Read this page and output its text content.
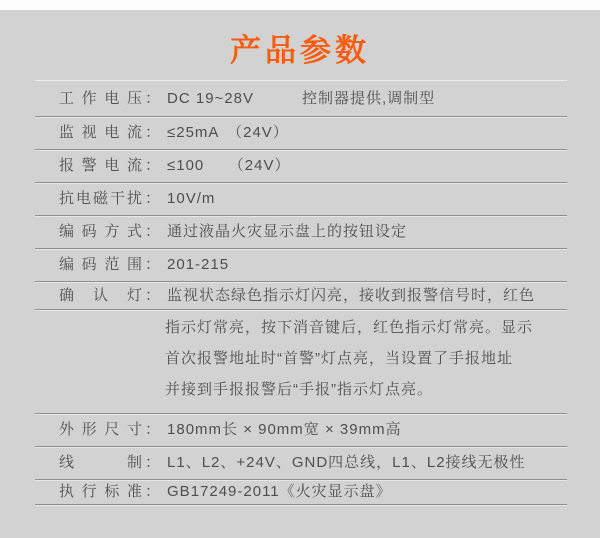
产品参数
工作电压 ： DC 19~28V　　　控制器提供,调制型
监视电流 ： ≤25mA　（24V）
报警电流 ： ≤100　　（24V）
抗电磁干扰 ： 10V/m
编码方式 ： 通过液晶火灾显示盘上的按钮设定
编码范围 ： 201-215
确认灯 ： 监视状态绿色指示灯闪亮，接收到报警信号时，红色
指示灯常亮，按下消音键后，红色指示灯常亮。显示
首次报警地址时“首警”灯点亮，当设置了手报地址
并接到手报报警后“手报”指示灯点亮。
外形尺寸 ： 180mm长 × 90mm宽 × 39mm高
线制 ： L1、L2、+24V、GND四总线，L1、L2接线无极性
执行标准 ： GB17249-2011《火灾显示盘》
